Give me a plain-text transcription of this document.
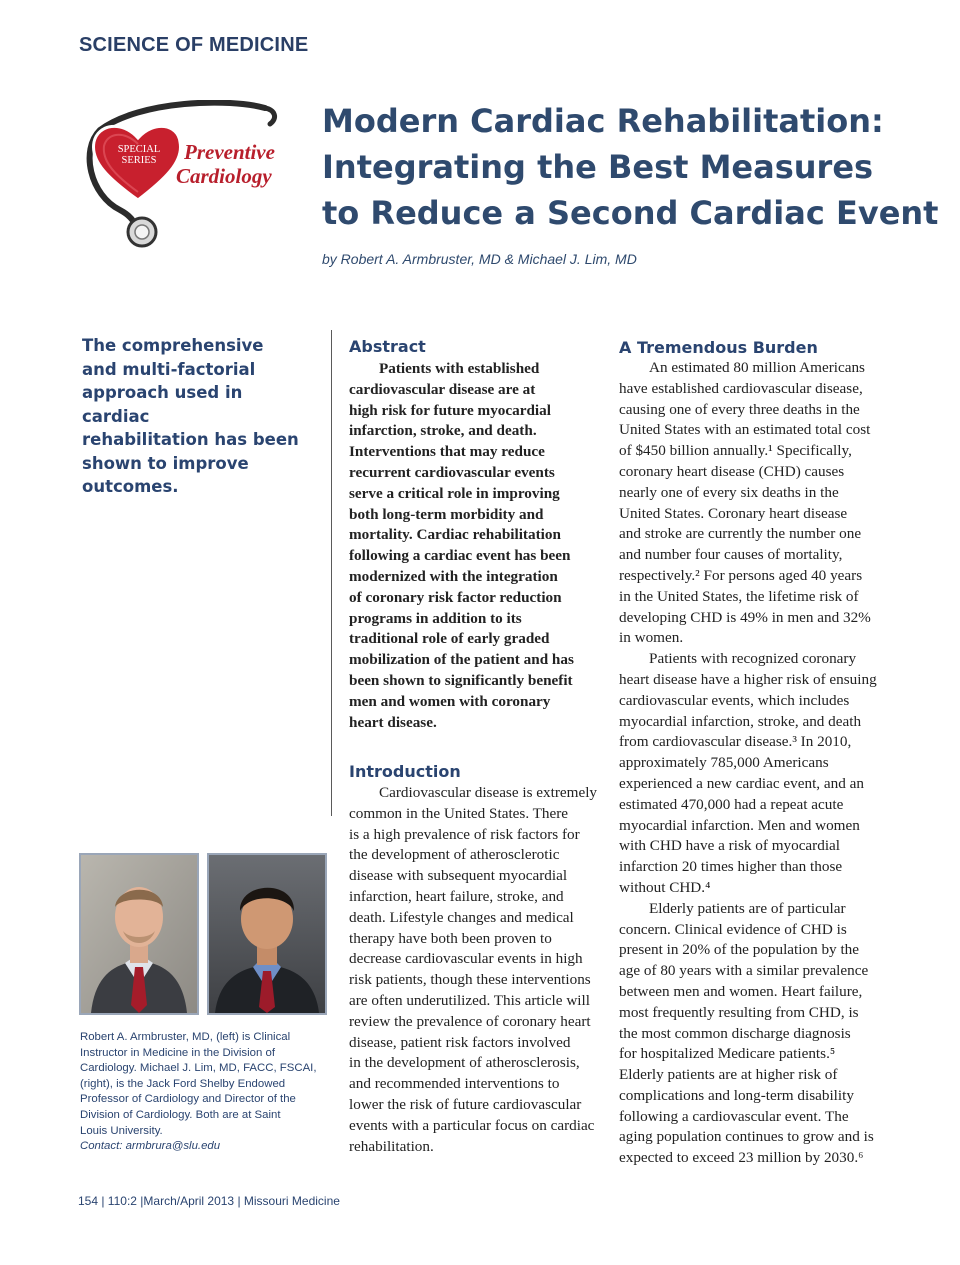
SCIENCE OF MEDICINE
SPECIAL
SERIES	Preventive
Cardiology
Modern Cardiac Rehabilitation:
Integrating the Best Measures
to Reduce a Second Cardiac Event
by Robert A. Armbruster, MD & Michael J. Lim, MD
The comprehensive
and multi-factorial
approach used in cardiac
rehabilitation has been
shown to improve
outcomes.
Abstract
Patients with established
cardiovascular disease are at
high risk for future myocardial
infarction, stroke, and death.
Interventions that may reduce
recurrent cardiovascular events
serve a critical role in improving
both long-term morbidity and
mortality. Cardiac rehabilitation
following a cardiac event has been
modernized with the integration
of coronary risk factor reduction
programs in addition to its
traditional role of early graded
mobilization of the patient and has
been shown to significantly benefit
men and women with coronary
heart disease.
Introduction
Cardiovascular disease is extremely
common in the United States. There
is a high prevalence of risk factors for
the development of atherosclerotic
disease with subsequent myocardial
infarction, heart failure, stroke, and
death. Lifestyle changes and medical
therapy have both been proven to
decrease cardiovascular events in high
risk patients, though these interventions
are often underutilized. This article will
review the prevalence of coronary heart
disease, patient risk factors involved
in the development of atherosclerosis,
and recommended interventions to
lower the risk of future cardiovascular
events with a particular focus on cardiac
rehabilitation.
A Tremendous Burden
An estimated 80 million Americans
have established cardiovascular disease,
causing one of every three deaths in the
United States with an estimated total cost
of $450 billion annually.¹ Specifically,
coronary heart disease (CHD) causes
nearly one of every six deaths in the
United States. Coronary heart disease
and stroke are currently the number one
and number four causes of mortality,
respectively.² For persons aged 40 years
in the United States, the lifetime risk of
developing CHD is 49% in men and 32%
in women.
Patients with recognized coronary
heart disease have a higher risk of ensuing
cardiovascular events, which includes
myocardial infarction, stroke, and death
from cardiovascular disease.³ In 2010,
approximately 785,000 Americans
experienced a new cardiac event, and an
estimated 470,000 had a repeat acute
myocardial infarction. Men and women
with CHD have a risk of myocardial
infarction 20 times higher than those
without CHD.⁴
Elderly patients are of particular
concern. Clinical evidence of CHD is
present in 20% of the population by the
age of 80 years with a similar prevalence
between men and women. Heart failure,
most frequently resulting from CHD, is
the most common discharge diagnosis
for hospitalized Medicare patients.⁵
Elderly patients are at higher risk of
complications and long-term disability
following a cardiovascular event. The
aging population continues to grow and is
expected to exceed 23 million by 2030.⁶
Robert A. Armbruster, MD, (left) is Clinical
Instructor in Medicine in the Division of
Cardiology. Michael J. Lim, MD, FACC, FSCAI,
(right), is the Jack Ford Shelby Endowed
Professor of Cardiology and Director of the
Division of Cardiology. Both are at Saint
Louis University.
Contact: armbrura@slu.edu
154 | 110:2 |March/April 2013 | Missouri Medicine
